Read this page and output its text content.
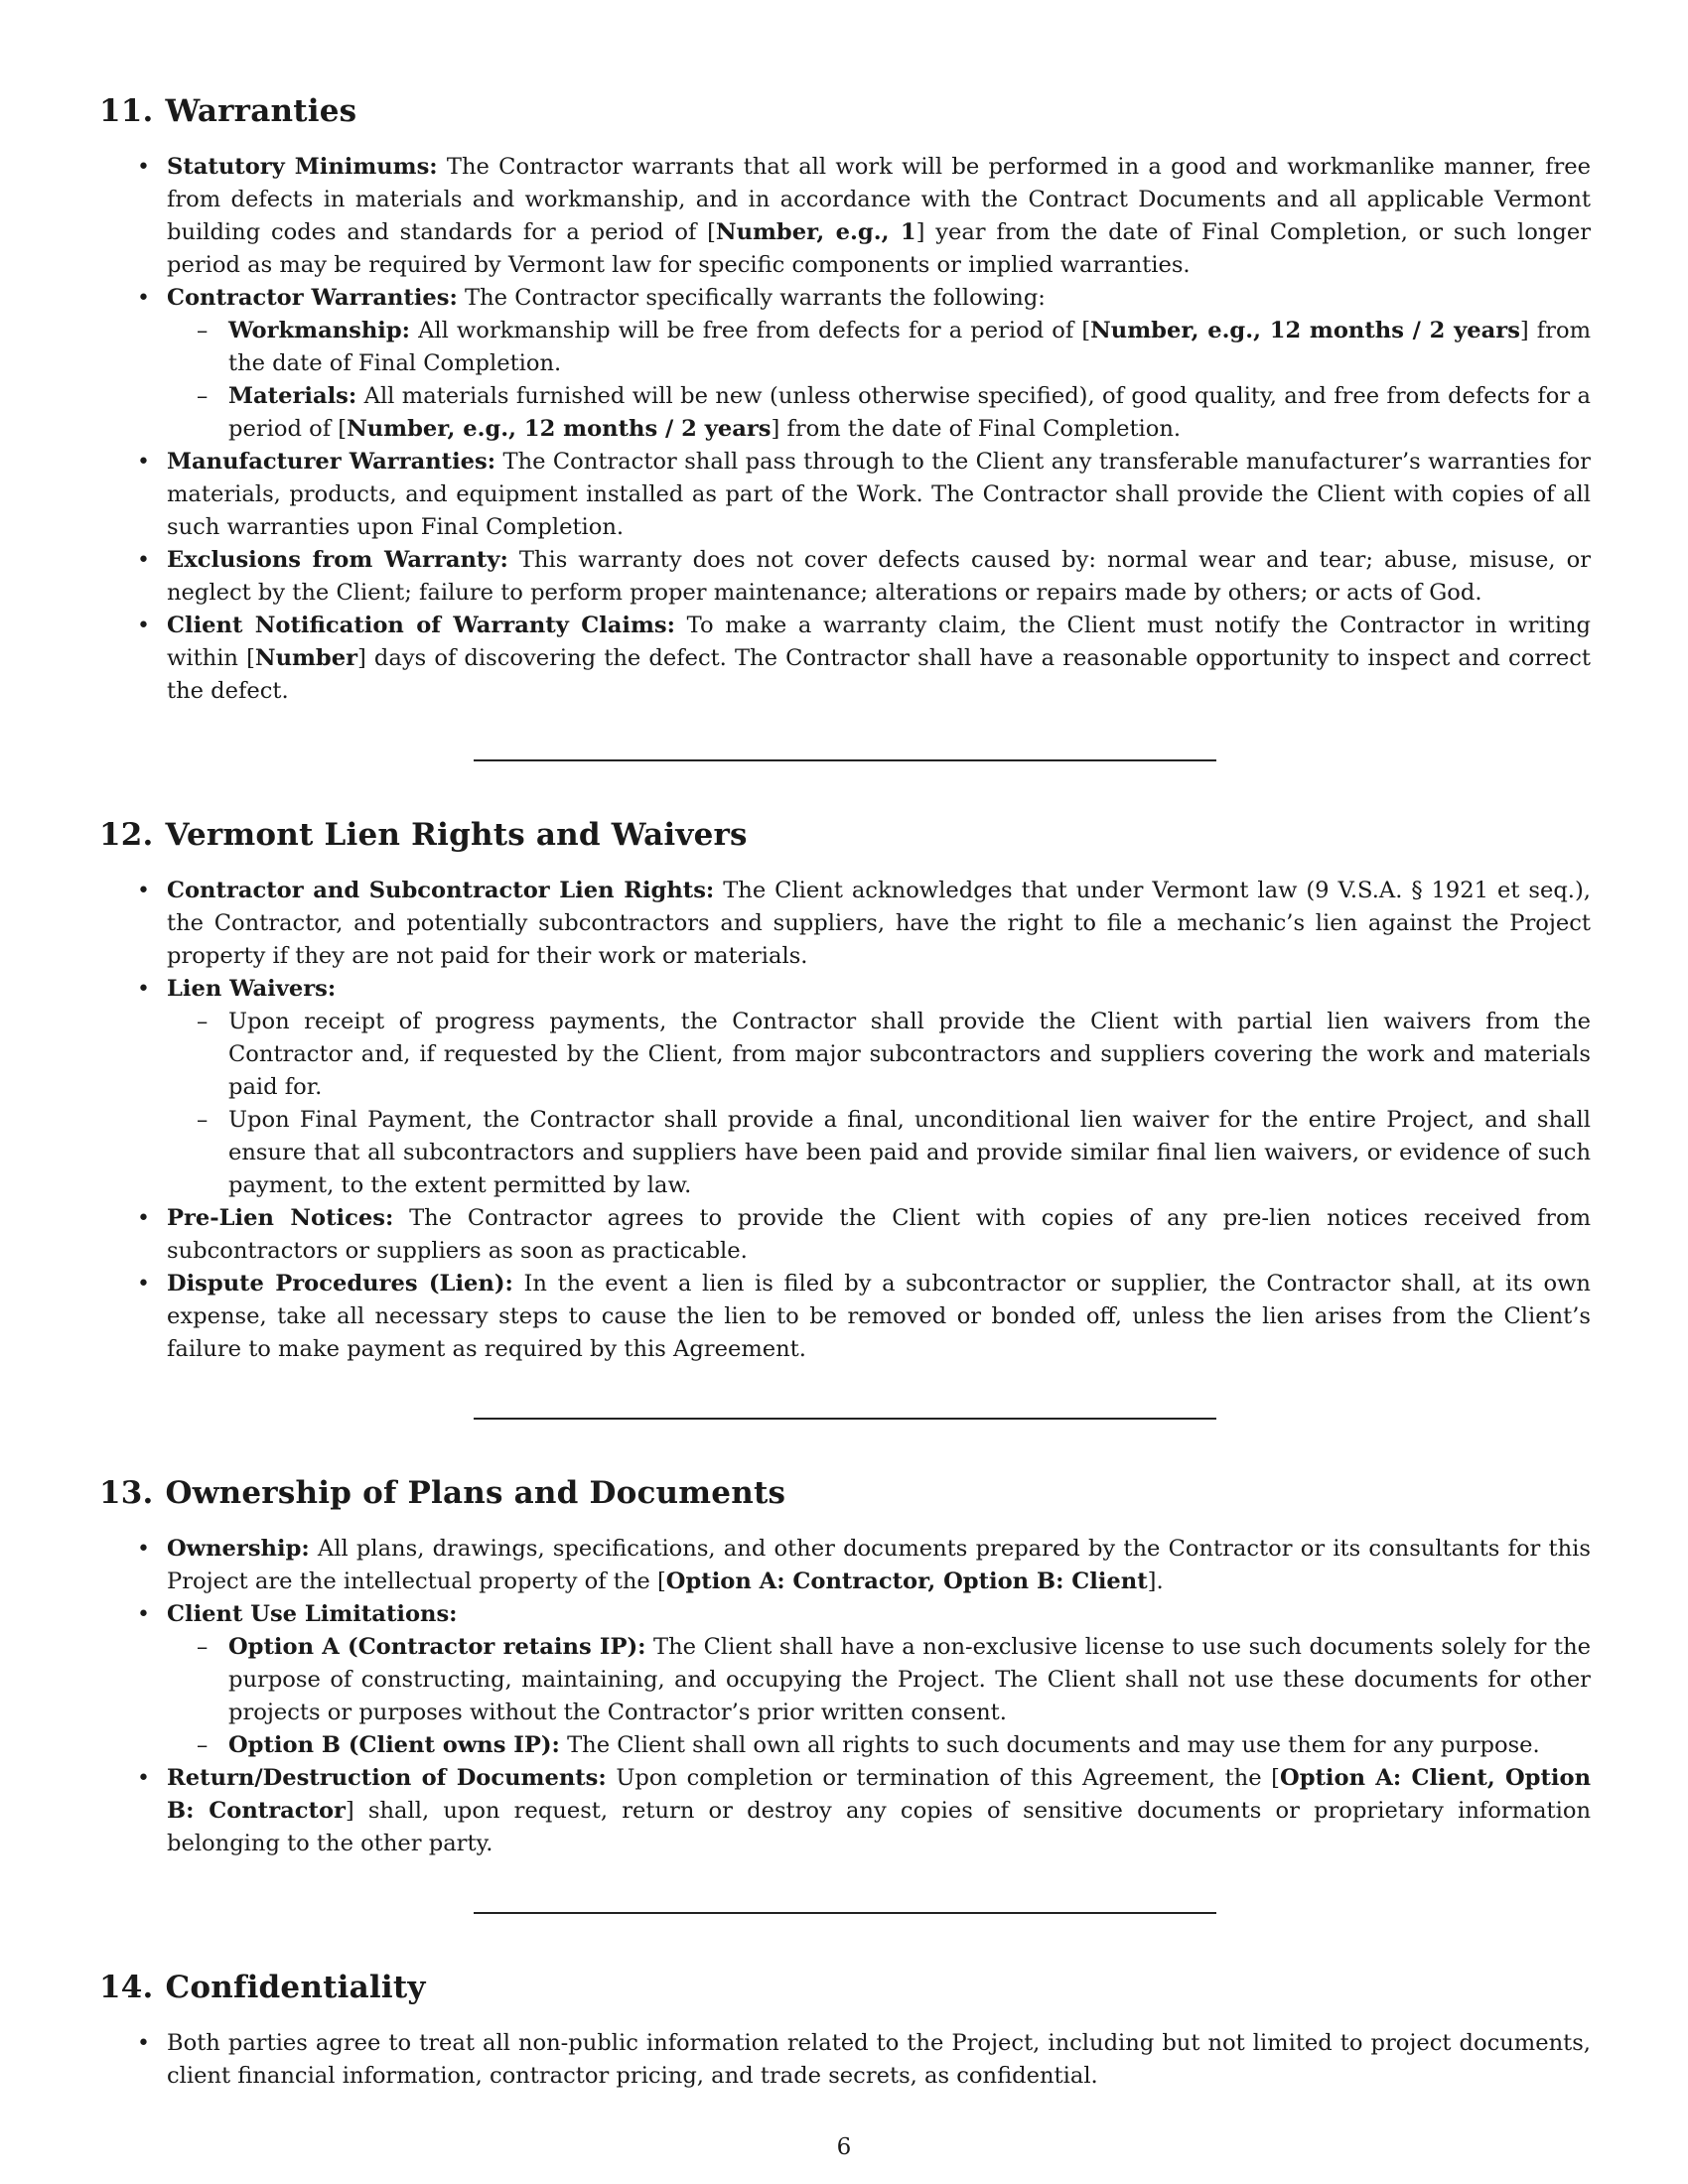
11. Warranties
• Statutory Minimums: The Contractor warrants that all work will be performed in a good and workmanlike manner, free from defects in materials and workmanship, and in accordance with the Contract Documents and all applicable Vermont building codes and standards for a period of [Number, e.g., 1] year from the date of Final Completion, or such longer period as may be required by Vermont law for specific components or implied warranties.
• Contractor Warranties: The Contractor specifically warrants the following:
– Workmanship: All workmanship will be free from defects for a period of [Number, e.g., 12 months / 2 years] from the date of Final Completion.
– Materials: All materials furnished will be new (unless otherwise specified), of good quality, and free from defects for a period of [Number, e.g., 12 months / 2 years] from the date of Final Completion.
• Manufacturer Warranties: The Contractor shall pass through to the Client any transferable manufacturer’s warranties for materials, products, and equipment installed as part of the Work. The Contractor shall provide the Client with copies of all such warranties upon Final Completion.
• Exclusions from Warranty: This warranty does not cover defects caused by: normal wear and tear; abuse, misuse, or neglect by the Client; failure to perform proper maintenance; alterations or repairs made by others; or acts of God.
• Client Notification of Warranty Claims: To make a warranty claim, the Client must notify the Contractor in writing within [Number] days of discovering the defect. The Contractor shall have a reasonable opportunity to inspect and correct the defect.
12. Vermont Lien Rights and Waivers
• Contractor and Subcontractor Lien Rights: The Client acknowledges that under Vermont law (9 V.S.A. § 1921 et seq.), the Contractor, and potentially subcontractors and suppliers, have the right to file a mechanic’s lien against the Project property if they are not paid for their work or materials.
• Lien Waivers:
– Upon receipt of progress payments, the Contractor shall provide the Client with partial lien waivers from the Contractor and, if requested by the Client, from major subcontractors and suppliers covering the work and materials paid for.
– Upon Final Payment, the Contractor shall provide a final, unconditional lien waiver for the entire Project, and shall ensure that all subcontractors and suppliers have been paid and provide similar final lien waivers, or evidence of such payment, to the extent permitted by law.
• Pre-Lien Notices: The Contractor agrees to provide the Client with copies of any pre-lien notices received from subcontractors or suppliers as soon as practicable.
• Dispute Procedures (Lien): In the event a lien is filed by a subcontractor or supplier, the Contractor shall, at its own expense, take all necessary steps to cause the lien to be removed or bonded off, unless the lien arises from the Client’s failure to make payment as required by this Agreement.
13. Ownership of Plans and Documents
• Ownership: All plans, drawings, specifications, and other documents prepared by the Contractor or its consultants for this Project are the intellectual property of the [Option A: Contractor, Option B: Client].
• Client Use Limitations:
– Option A (Contractor retains IP): The Client shall have a non-exclusive license to use such documents solely for the purpose of constructing, maintaining, and occupying the Project. The Client shall not use these documents for other projects or purposes without the Contractor’s prior written consent.
– Option B (Client owns IP): The Client shall own all rights to such documents and may use them for any purpose.
• Return/Destruction of Documents: Upon completion or termination of this Agreement, the [Option A: Client, Option B: Contractor] shall, upon request, return or destroy any copies of sensitive documents or proprietary information belonging to the other party.
14. Confidentiality
• Both parties agree to treat all non-public information related to the Project, including but not limited to project documents, client financial information, contractor pricing, and trade secrets, as confidential.
6
